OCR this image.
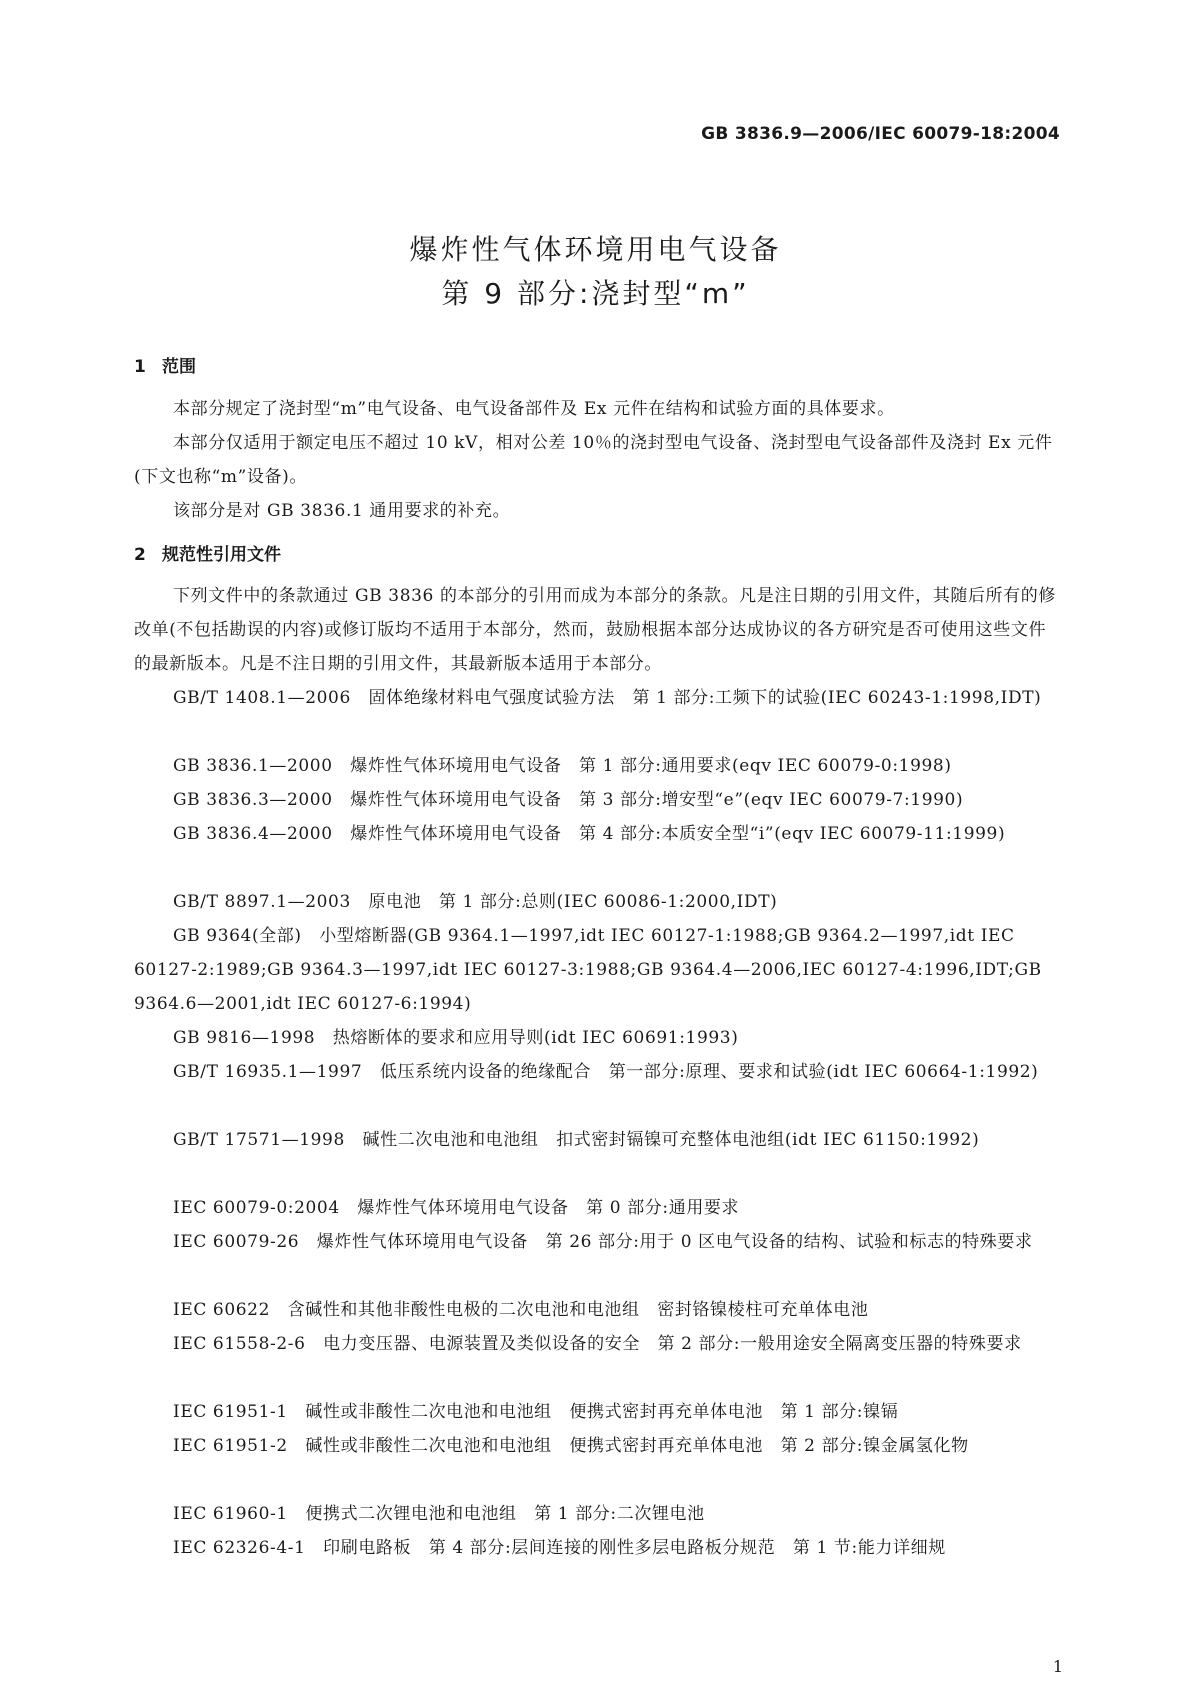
GB 3836.9—2006/IEC 60079-18:2004
爆炸性气体环境用电气设备
第 9 部分:浇封型“m”
1 范围
本部分规定了浇封型“m”电气设备、电气设备部件及 Ex 元件在结构和试验方面的具体要求。
本部分仅适用于额定电压不超过 10 kV，相对公差 10％的浇封型电气设备、浇封型电气设备部件及浇封 Ex 元件(下文也称“m”设备)。
该部分是对 GB 3836.1 通用要求的补充。
2 规范性引用文件
下列文件中的条款通过 GB 3836 的本部分的引用而成为本部分的条款。凡是注日期的引用文件，其随后所有的修改单(不包括勘误的内容)或修订版均不适用于本部分，然而，鼓励根据本部分达成协议的各方研究是否可使用这些文件的最新版本。凡是不注日期的引用文件，其最新版本适用于本部分。
GB/T 1408.1—2006　固体绝缘材料电气强度试验方法　第 1 部分:工频下的试验(IEC 60243-1:1998,IDT)
GB 3836.1—2000　爆炸性气体环境用电气设备　第 1 部分:通用要求(eqv IEC 60079-0:1998)
GB 3836.3—2000　爆炸性气体环境用电气设备　第 3 部分:增安型“e”(eqv IEC 60079-7:1990)
GB 3836.4—2000　爆炸性气体环境用电气设备　第 4 部分:本质安全型“i”(eqv IEC 60079-11:1999)
GB/T 8897.1—2003　原电池　第 1 部分:总则(IEC 60086-1:2000,IDT)
GB 9364(全部)　小型熔断器(GB 9364.1—1997,idt IEC 60127-1:1988;GB 9364.2—1997,idt IEC 60127-2:1989;GB 9364.3—1997,idt IEC 60127-3:1988;GB 9364.4—2006,IEC 60127-4:1996,IDT;GB 9364.6—2001,idt IEC 60127-6:1994)
GB 9816—1998　热熔断体的要求和应用导则(idt IEC 60691:1993)
GB/T 16935.1—1997　低压系统内设备的绝缘配合　第一部分:原理、要求和试验(idt IEC 60664-1:1992)
GB/T 17571—1998　碱性二次电池和电池组　扣式密封镉镍可充整体电池组(idt IEC 61150:1992)
IEC 60079-0:2004　爆炸性气体环境用电气设备　第 0 部分:通用要求
IEC 60079-26　爆炸性气体环境用电气设备　第 26 部分:用于 0 区电气设备的结构、试验和标志的特殊要求
IEC 60622　含碱性和其他非酸性电极的二次电池和电池组　密封铬镍棱柱可充单体电池
IEC 61558-2-6　电力变压器、电源装置及类似设备的安全　第 2 部分:一般用途安全隔离变压器的特殊要求
IEC 61951-1　碱性或非酸性二次电池和电池组　便携式密封再充单体电池　第 1 部分:镍镉
IEC 61951-2　碱性或非酸性二次电池和电池组　便携式密封再充单体电池　第 2 部分:镍金属氢化物
IEC 61960-1　便携式二次锂电池和电池组　第 1 部分:二次锂电池
IEC 62326-4-1　印刷电路板　第 4 部分:层间连接的刚性多层电路板分规范　第 1 节:能力详细规
1
